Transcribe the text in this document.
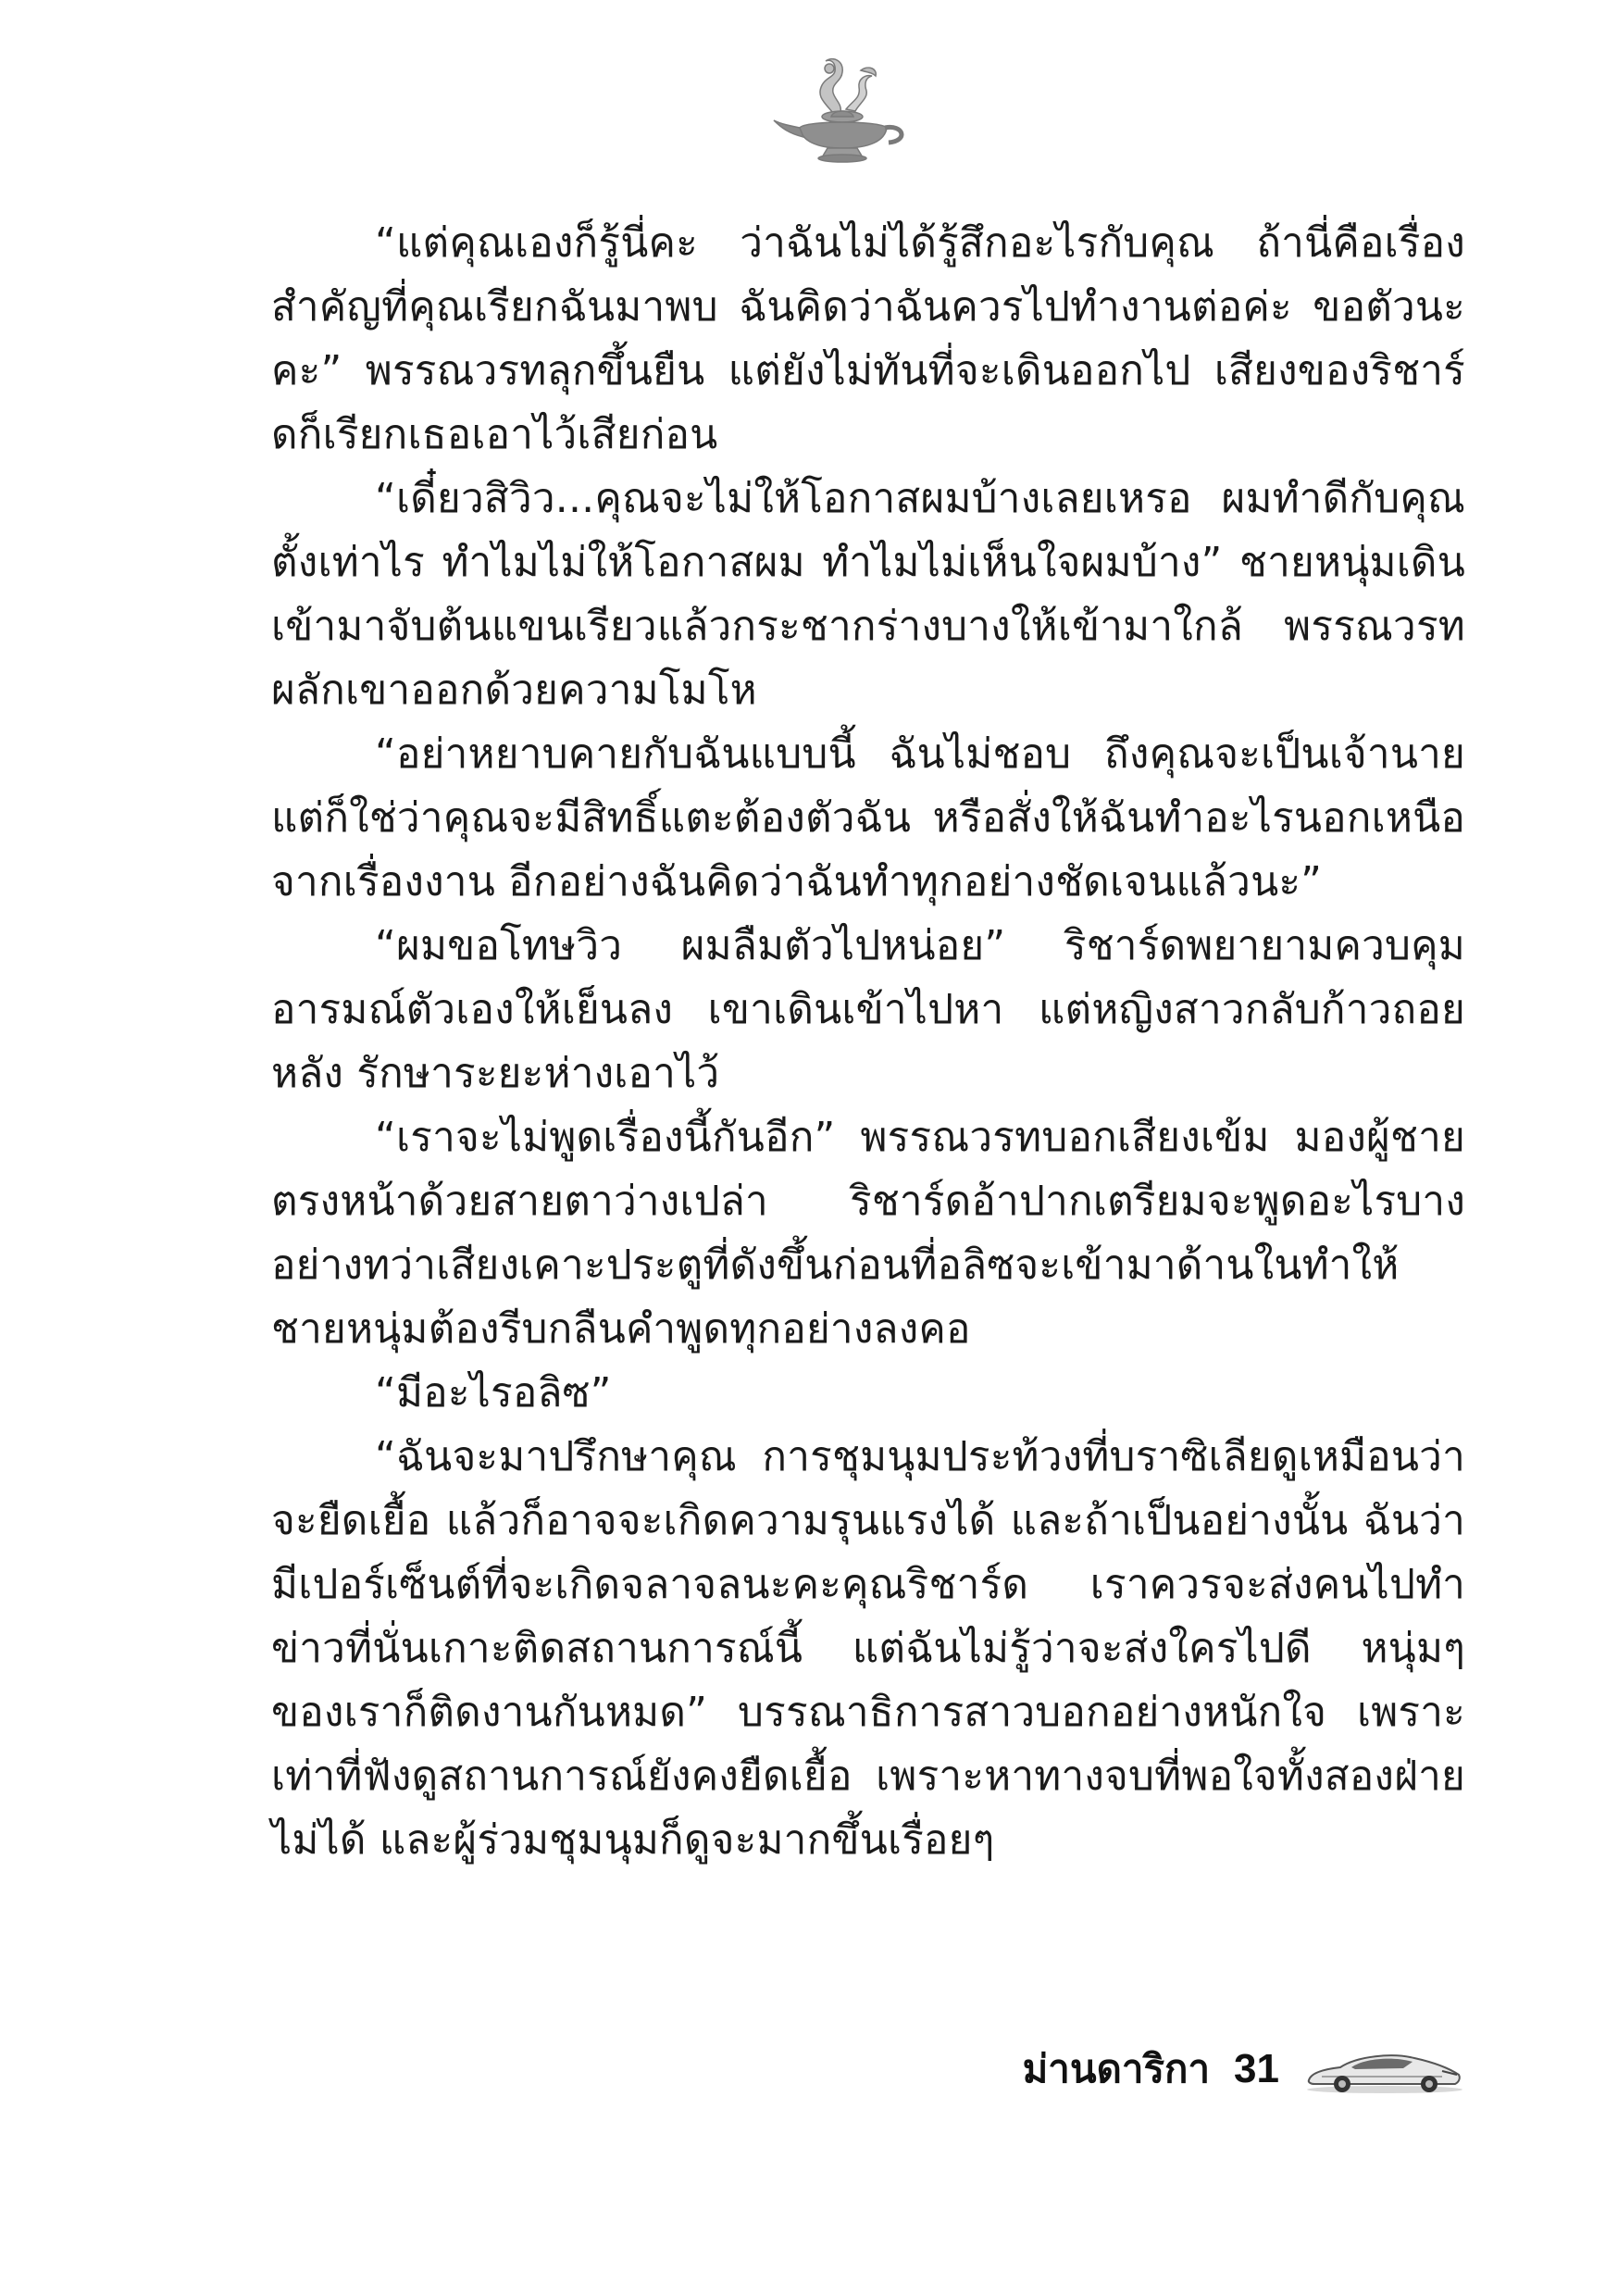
“แต่คุณเองก็รู้นี่คะ ว่าฉันไม่ได้รู้สึกอะไรกับคุณ ถ้านี่คือเรื่องสำคัญที่คุณเรียกฉันมาพบ ฉันคิดว่าฉันควรไปทำงานต่อค่ะ ขอตัวนะคะ” พรรณวรทลุกขึ้นยืน แต่ยังไม่ทันที่จะเดินออกไป เสียงของริชาร์ดก็เรียกเธอเอาไว้เสียก่อน

“เดี๋ยวสิวิว...คุณจะไม่ให้โอกาสผมบ้างเลยเหรอ ผมทำดีกับคุณตั้งเท่าไร ทำไมไม่ให้โอกาสผม ทำไมไม่เห็นใจผมบ้าง” ชายหนุ่มเดินเข้ามาจับต้นแขนเรียวแล้วกระชากร่างบางให้เข้ามาใกล้ พรรณวรทผลักเขาออกด้วยความโมโห

“อย่าหยาบคายกับฉันแบบนี้ ฉันไม่ชอบ ถึงคุณจะเป็นเจ้านาย แต่ก็ใช่ว่าคุณจะมีสิทธิ์แตะต้องตัวฉัน หรือสั่งให้ฉันทำอะไรนอกเหนือจากเรื่องงาน อีกอย่างฉันคิดว่าฉันทำทุกอย่างชัดเจนแล้วนะ”

“ผมขอโทษวิว ผมลืมตัวไปหน่อย” ริชาร์ดพยายามควบคุมอารมณ์ตัวเองให้เย็นลง เขาเดินเข้าไปหา แต่หญิงสาวกลับก้าวถอยหลัง รักษาระยะห่างเอาไว้

“เราจะไม่พูดเรื่องนี้กันอีก” พรรณวรทบอกเสียงเข้ม มองผู้ชายตรงหน้าด้วยสายตาว่างเปล่า ริชาร์ดอ้าปากเตรียมจะพูดอะไรบางอย่างทว่าเสียงเคาะประตูที่ดังขึ้นก่อนที่อลิซจะเข้ามาด้านในทำให้ชายหนุ่มต้องรีบกลืนคำพูดทุกอย่างลงคอ

“มีอะไรอลิซ”

“ฉันจะมาปรึกษาคุณ การชุมนุมประท้วงที่บราซิเลียดูเหมือนว่าจะยืดเยื้อ แล้วก็อาจจะเกิดความรุนแรงได้ และถ้าเป็นอย่างนั้น ฉันว่ามีเปอร์เซ็นต์ที่จะเกิดจลาจลนะคะคุณริชาร์ด เราควรจะส่งคนไปทำข่าวที่นั่นเกาะติดสถานการณ์นี้ แต่ฉันไม่รู้ว่าจะส่งใครไปดี หนุ่มๆ ของเราก็ติดงานกันหมด” บรรณาธิการสาวบอกอย่างหนักใจ เพราะเท่าที่ฟังดูสถานการณ์ยังคงยืดเยื้อ เพราะหาทางจบที่พอใจทั้งสองฝ่ายไม่ได้ และผู้ร่วมชุมนุมก็ดูจะมากขึ้นเรื่อยๆ

ม่านดาริกา 31
